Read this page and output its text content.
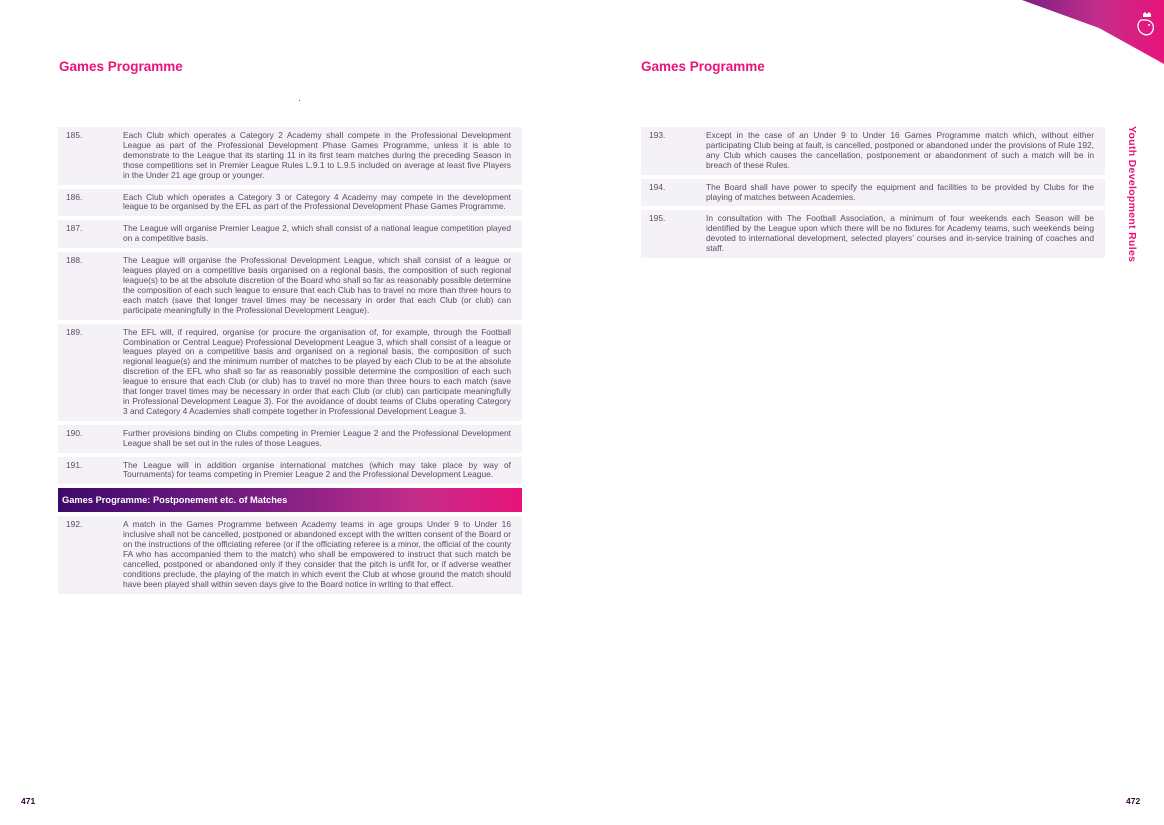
Games Programme
185.	Each Club which operates a Category 2 Academy shall compete in the Professional Development League as part of the Professional Development Phase Games Programme, unless it is able to demonstrate to the League that its starting 11 in its first team matches during the preceding Season in those competitions set in Premier League Rules L.9.1 to L.9.5 included on average at least five Players in the Under 21 age group or younger.
186.	Each Club which operates a Category 3 or Category 4 Academy may compete in the development league to be organised by the EFL as part of the Professional Development Phase Games Programme.
187.	The League will organise Premier League 2, which shall consist of a national league competition played on a competitive basis.
188.	The League will organise the Professional Development League, which shall consist of a league or leagues played on a competitive basis organised on a regional basis, the composition of such regional league(s) to be at the absolute discretion of the Board who shall so far as reasonably possible determine the composition of each such league to ensure that each Club has to travel no more than three hours to each match (save that longer travel times may be necessary in order that each Club (or club) can participate meaningfully in the Professional Development League).
189.	The EFL will, if required, organise (or procure the organisation of, for example, through the Football Combination or Central League) Professional Development League 3, which shall consist of a league or leagues played on a competitive basis and organised on a regional basis, the composition of such regional league(s) and the minimum number of matches to be played by each Club to be at the absolute discretion of the EFL who shall so far as reasonably possible determine the composition of each such league to ensure that each Club (or club) has to travel no more than three hours to each match (save that longer travel times may be necessary in order that each Club (or club) can participate meaningfully in Professional Development League 3). For the avoidance of doubt teams of Clubs operating Category 3 and Category 4 Academies shall compete together in Professional Development League 3.
190.	Further provisions binding on Clubs competing in Premier League 2 and the Professional Development League shall be set out in the rules of those Leagues.
191.	The League will in addition organise international matches (which may take place by way of Tournaments) for teams competing in Premier League 2 and the Professional Development League.
Games Programme: Postponement etc. of Matches
192.	A match in the Games Programme between Academy teams in age groups Under 9 to Under 16 inclusive shall not be cancelled, postponed or abandoned except with the written consent of the Board or on the instructions of the officiating referee (or if the officiating referee is a minor, the official of the county FA who has accompanied them to the match) who shall be empowered to instruct that such match be cancelled, postponed or abandoned only if they consider that the pitch is unfit for, or if adverse weather conditions preclude, the playing of the match in which event the Club at whose ground the match should have been played shall within seven days give to the Board notice in writing to that effect.
471
Games Programme
193.	Except in the case of an Under 9 to Under 16 Games Programme match which, without either participating Club being at fault, is cancelled, postponed or abandoned under the provisions of Rule 192, any Club which causes the cancellation, postponement or abandonment of such a match will be in breach of these Rules.
194.	The Board shall have power to specify the equipment and facilities to be provided by Clubs for the playing of matches between Academies.
195.	In consultation with The Football Association, a minimum of four weekends each Season will be identified by the League upon which there will be no fixtures for Academy teams, such weekends being devoted to international development, selected players’ courses and in-service training of coaches and staff.	Youth Development Rules
472
